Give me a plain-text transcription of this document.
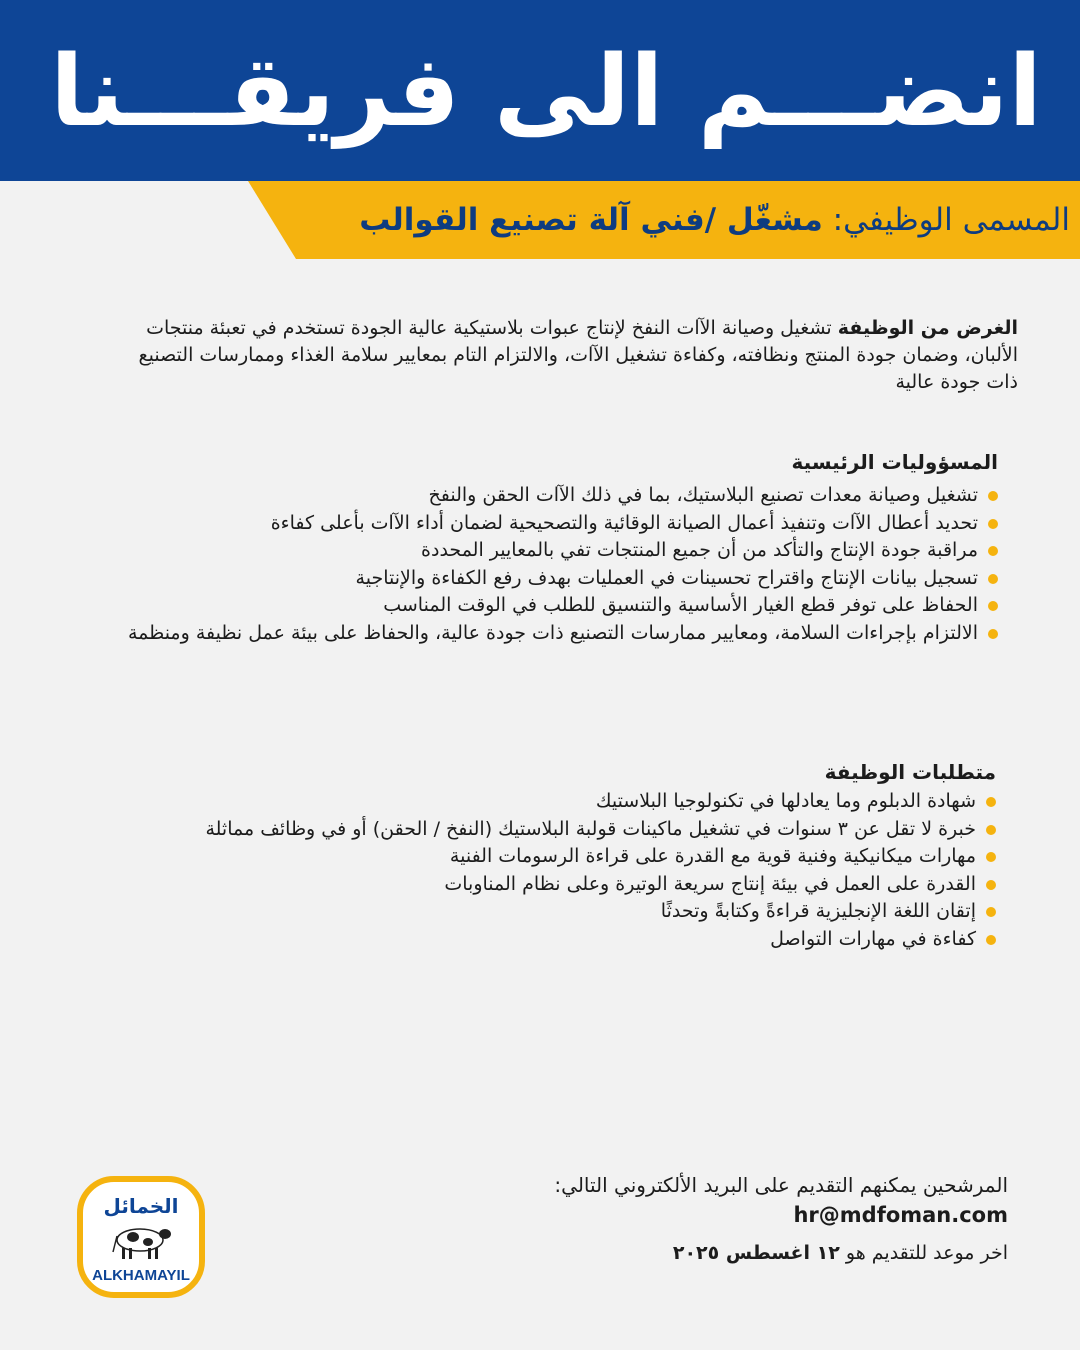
انضـــم الى فريقـــنا
المسمى الوظيفي: مشغّل /فني آلة تصنيع القوالب
الغرض من الوظيفة تشغيل وصيانة الآات النفخ لإنتاج عبوات بلاستيكية عالية الجودة تستخدم في تعبئة منتجات الألبان، وضمان جودة المنتج ونظافته، وكفاءة تشغيل الآات، والالتزام التام بمعايير سلامة الغذاء وممارسات التصنيع ذات جودة عالية
المسؤوليات الرئيسية
تشغيل وصيانة معدات تصنيع البلاستيك، بما في ذلك الآات الحقن والنفخ
تحديد أعطال الآات وتنفيذ أعمال الصيانة الوقائية والتصحيحية لضمان أداء الآات بأعلى كفاءة
مراقبة جودة الإنتاج والتأكد من أن جميع المنتجات تفي بالمعايير المحددة
تسجيل بيانات الإنتاج واقتراح تحسينات في العمليات بهدف رفع الكفاءة والإنتاجية
الحفاظ على توفر قطع الغيار الأساسية والتنسيق للطلب في الوقت المناسب
الالتزام بإجراءات السلامة، ومعايير ممارسات التصنيع ذات جودة عالية، والحفاظ على بيئة عمل نظيفة ومنظمة
متطلبات الوظيفة
شهادة الدبلوم وما يعادلها في تكنولوجيا البلاستيك
خبرة لا تقل عن ٣ سنوات في تشغيل ماكينات قولبة البلاستيك (النفخ / الحقن) أو في وظائف مماثلة
مهارات ميكانيكية وفنية قوية مع القدرة على قراءة الرسومات الفنية
القدرة على العمل في بيئة إنتاج سريعة الوتيرة وعلى نظام المناوبات
إتقان اللغة الإنجليزية قراءةً وكتابةً وتحدثًا
كفاءة في مهارات التواصل
المرشحين يمكنهم التقديم على البريد الألكتروني التالي:
hr@mdfoman.com
اخر موعد للتقديم هو ١٢ اغسطس ٢٠٢٥
الخمائل
ALKHAMAYIL
